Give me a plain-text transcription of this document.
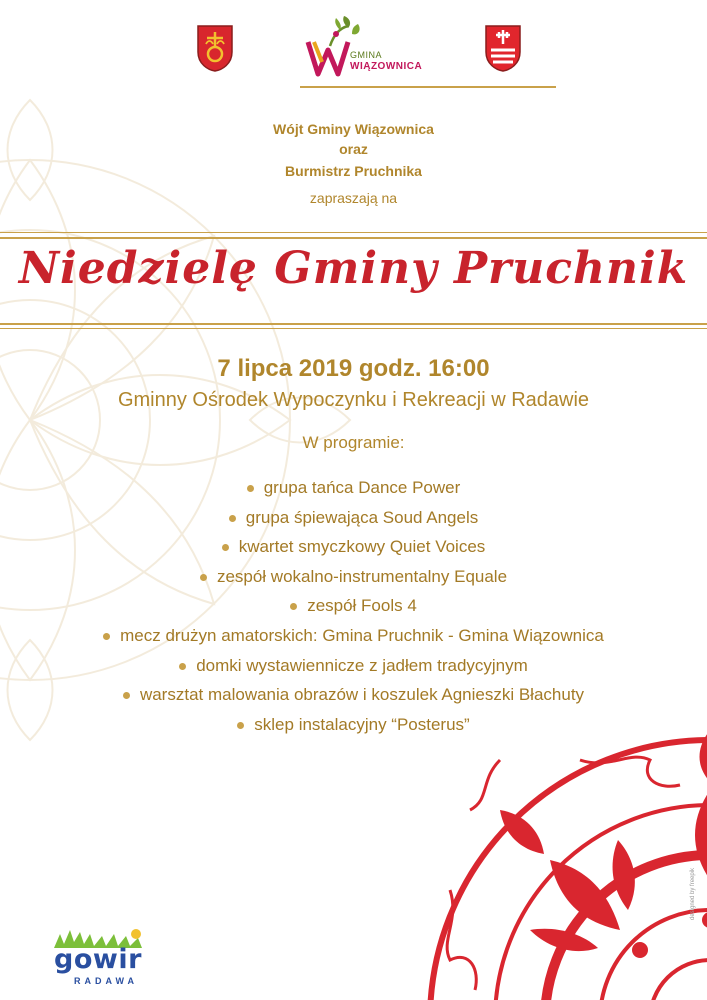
GMINA
WIĄZOWNICA
Wójt Gminy Wiązownica
oraz
Burmistrz Pruchnika
zapraszają na
Niedzielę Gminy Pruchnik
7 lipca 2019 godz. 16:00
Gminny Ośrodek Wypoczynku i Rekreacji w Radawie
W programie:
grupa tańca Dance Power
grupa śpiewająca Soud Angels
kwartet smyczkowy Quiet Voices
zespół wokalno-instrumentalny Equale
zespół Fools 4
mecz drużyn amatorskich: Gmina Pruchnik - Gmina Wiązownica
domki wystawiennicze z jadłem tradycyjnym
warsztat malowania obrazów i koszulek Agnieszki Błachuty
sklep instalacyjny “Posterus”
gowir
RADAWA
designed by freepik
